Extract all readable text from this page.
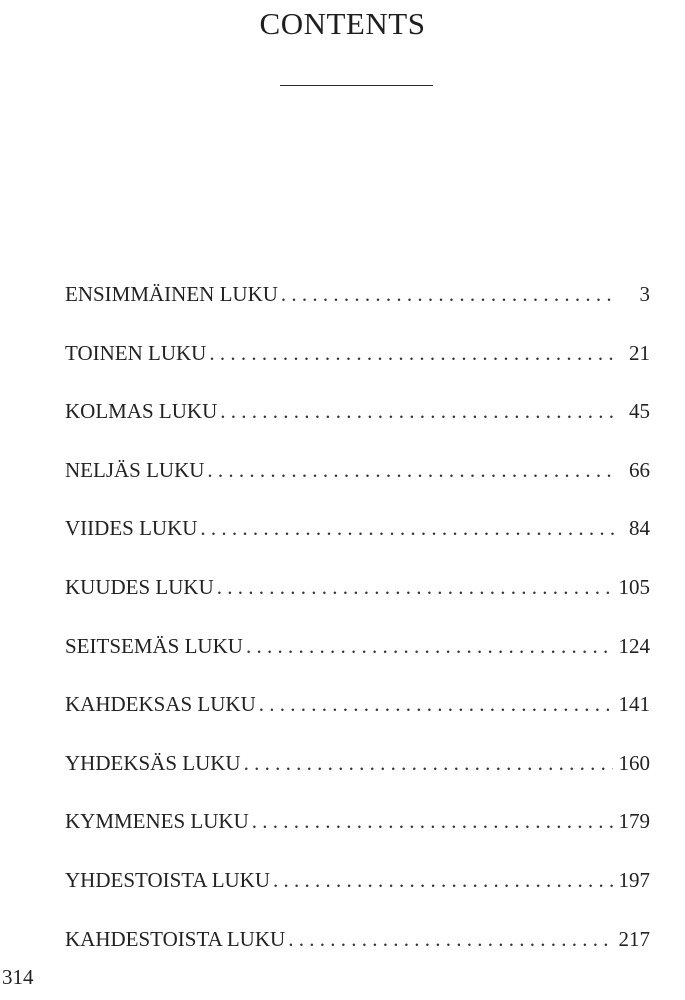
CONTENTS
ENSIMMÄINEN LUKU . . .	3
TOINEN LUKU . . .	21
KOLMAS LUKU . . .	45
NELJÄS LUKU . . .	66
VIIDES LUKU . . .	84
KUUDES LUKU . . .	105
SEITSEMÄS LUKU . . .	124
KAHDEKSAS LUKU . . .	141
YHDEKSÄS LUKU . . .	160
KYMMENES LUKU . . .	179
YHDESTOISTA LUKU . . .	197
KAHDESTOISTA LUKU . . .	217
314
